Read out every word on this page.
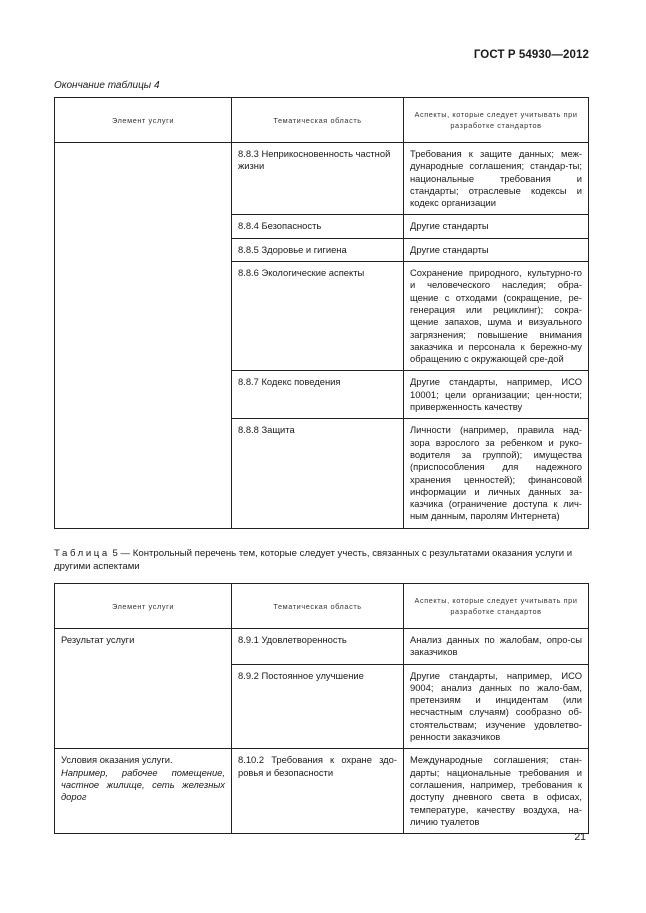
ГОСТ Р 54930—2012
Окончание таблицы 4
Элемент услуги	Тематическая область	Аспекты, которые следует учитывать при разработке стандартов
	8.8.3 Неприкосновенность частной жизни	Требования к защите данных; меж-дународные соглашения; стандар-ты; национальные требования и стандарты; отраслевые кодексы и кодекс организации
	8.8.4 Безопасность	Другие стандарты
	8.8.5 Здоровье и гигиена	Другие стандарты
	8.8.6 Экологические аспекты	Сохранение природного, культурно-го и человеческого наследия; обра-щение с отходами (сокращение, ре-генерация или рециклинг); сокра-щение запахов, шума и визуального загрязнения; повышение внимания заказчика и персонала к бережно-му обращению с окружающей сре-дой
	8.8.7 Кодекс поведения	Другие стандарты, например, ИСО 10001; цели организации; цен-ности; приверженность качеству
	8.8.8 Защита	Личности (например, правила над-зора взрослого за ребенком и руко-водителя за группой); имущества (приспособления для надежного хранения ценностей); финансовой информации и личных данных за-казчика (ограничение доступа к лич-ным данным, паролям Интернета)
Таблица 5 — Контрольный перечень тем, которые следует учесть, связанных с результатами оказания услуги и другими аспектами
Элемент услуги	Тематическая область	Аспекты, которые следует учитывать при разработке стандартов
Результат услуги	8.9.1 Удовлетворенность	Анализ данных по жалобам, опро-сы заказчиков
	8.9.2 Постоянное улучшение	Другие стандарты, например, ИСО 9004; анализ данных по жало-бам, претензиям и инцидентам (или несчастным случаям) сообразно об-стоятельствам; изучение удовлетво-ренности заказчиков

Условия оказания услуги.
Например, рабочее помещение, частное жилище, сеть железных дорог	8.10.2 Требования к охране здо-ровья и безопасности	Международные соглашения; стан-дарты; национальные требования и соглашения, например, требования к доступу дневного света в офисах, температуре, качеству воздуха, на-личию туалетов
21
